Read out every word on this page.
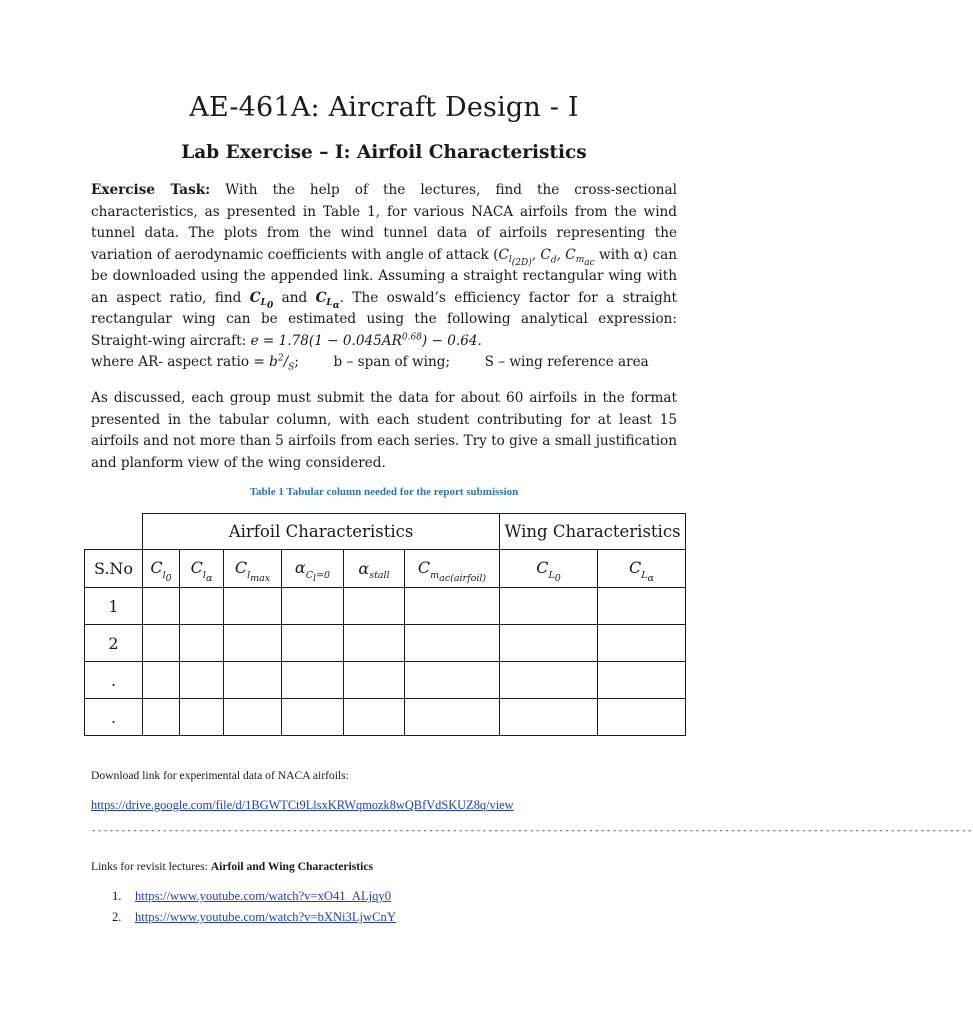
AE-461A: Aircraft Design - I
Lab Exercise – I: Airfoil Characteristics
Exercise Task: With the help of the lectures, find the cross-sectional characteristics, as presented in Table 1, for various NACA airfoils from the wind tunnel data. The plots from the wind tunnel data of airfoils representing the variation of aerodynamic coefficients with angle of attack ($C_{l_{(2D)}}$, $C_d$, $C_{m_{ac}}$ with α) can be downloaded using the appended link. Assuming a straight rectangular wing with an aspect ratio, find $C_{L_0}$ and $C_{L_\alpha}$. The oswald’s efficiency factor for a straight rectangular wing can be estimated using the following analytical expression: Straight-wing aircraft: $e = 1.78(1 - 0.045AR^{0.68}) - 0.64$.
where AR- aspect ratio = $b^2/_S$;        b – span of wing;	S – wing reference area
As discussed, each group must submit the data for about 60 airfoils in the format presented in the tabular column, with each student contributing for at least 15 airfoils and not more than 5 airfoils from each series. Try to give a small justification and planform view of the wing considered.
Table 1 Tabular column needed for the report submission
	Airfoil Characteristics						Wing Characteristics	
S.No	$C_{l_0}$	$C_{l_\alpha}$	$C_{l_{max}}$	$\alpha_{C_l=0}$	$\alpha_{stall}$	$C_{m_{ac(airfoil)}}$	$C_{L_0}$	$C_{L_\alpha}$
1								
2								
.								
.								
Download link for experimental data of NACA airfoils:
https://drive.google.com/file/d/1BGWTCt9LlsxKRWqmozk8wQBfVdSKUZ8q/view
-----------------------------------------------------------------------------------------------------------------------------------------------------
Links for revisit lectures: Airfoil and Wing Characteristics
1. https://www.youtube.com/watch?v=xO41_ALjqy0
2. https://www.youtube.com/watch?v=bXNi3LjwCnY
